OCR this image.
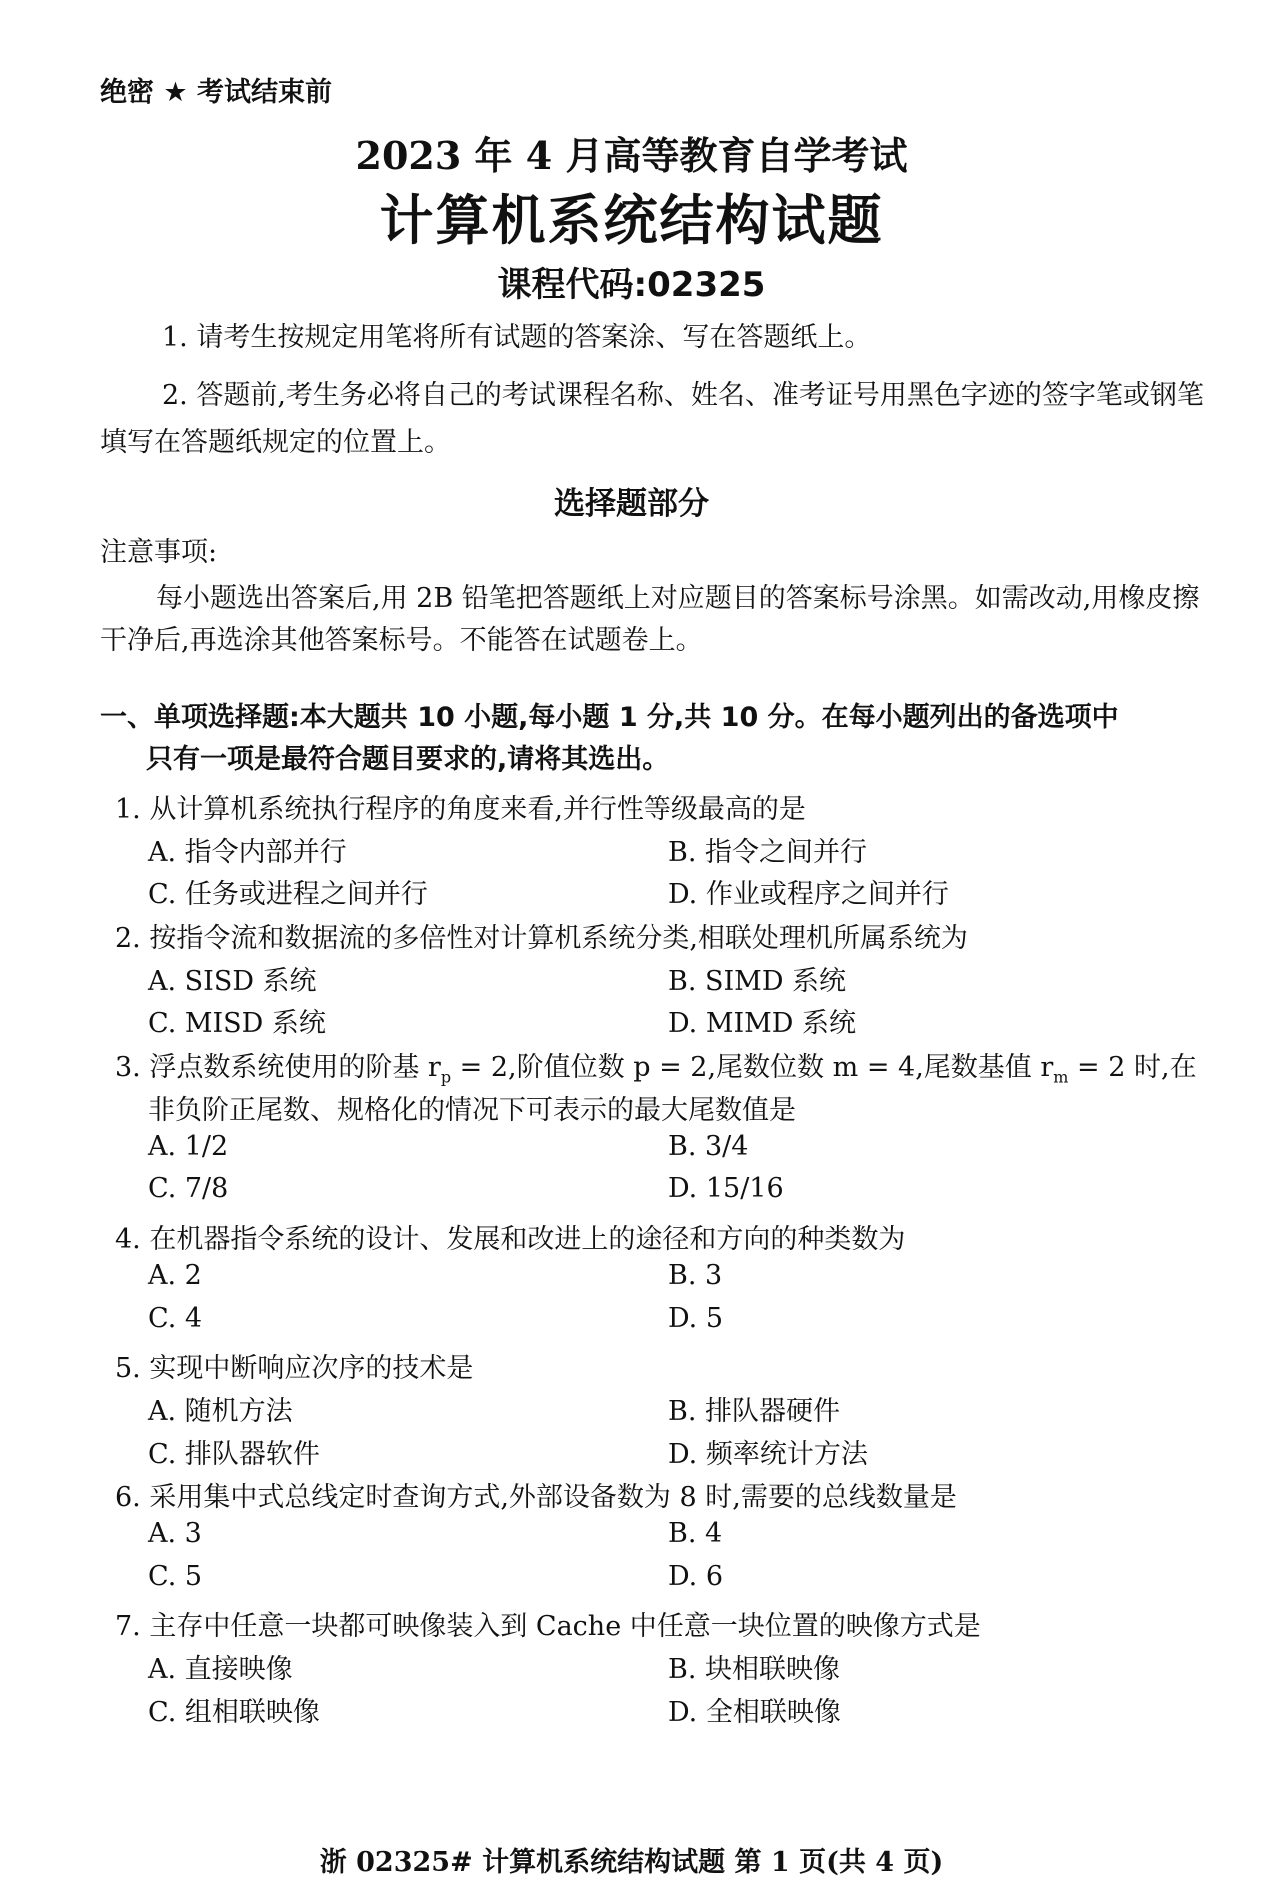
绝密 ★ 考试结束前
2023 年 4 月高等教育自学考试
计算机系统结构试题
课程代码:02325
1. 请考生按规定用笔将所有试题的答案涂、写在答题纸上。
2. 答题前,考生务必将自己的考试课程名称、姓名、准考证号用黑色字迹的签字笔或钢笔
填写在答题纸规定的位置上。
选择题部分
注意事项:
每小题选出答案后,用 2B 铅笔把答题纸上对应题目的答案标号涂黑。如需改动,用橡皮擦干净后,再选涂其他答案标号。不能答在试题卷上。
一、单项选择题:本大题共 10 小题,每小题 1 分,共 10 分。在每小题列出的备选项中
只有一项是最符合题目要求的,请将其选出。
1. 从计算机系统执行程序的角度来看,并行性等级最高的是
A. 指令内部并行	B. 指令之间并行
C. 任务或进程之间并行	D. 作业或程序之间并行
2. 按指令流和数据流的多倍性对计算机系统分类,相联处理机所属系统为
A. SISD 系统	B. SIMD 系统
C. MISD 系统	D. MIMD 系统
3. 浮点数系统使用的阶基 $r_p = 2$,阶值位数 p = 2,尾数位数 m = 4,尾数基值 $r_m = 2$ 时,在
非负阶正尾数、规格化的情况下可表示的最大尾数值是
A. 1/2	B. 3/4
C. 7/8	D. 15/16
4. 在机器指令系统的设计、发展和改进上的途径和方向的种类数为
A. 2	B. 3
C. 4	D. 5
5. 实现中断响应次序的技术是
A. 随机方法	B. 排队器硬件
C. 排队器软件	D. 频率统计方法
6. 采用集中式总线定时查询方式,外部设备数为 8 时,需要的总线数量是
A. 3	B. 4
C. 5	D. 6
7. 主存中任意一块都可映像装入到 Cache 中任意一块位置的映像方式是
A. 直接映像	B. 块相联映像
C. 组相联映像	D. 全相联映像
浙 02325# 计算机系统结构试题 第 1 页(共 4 页)
